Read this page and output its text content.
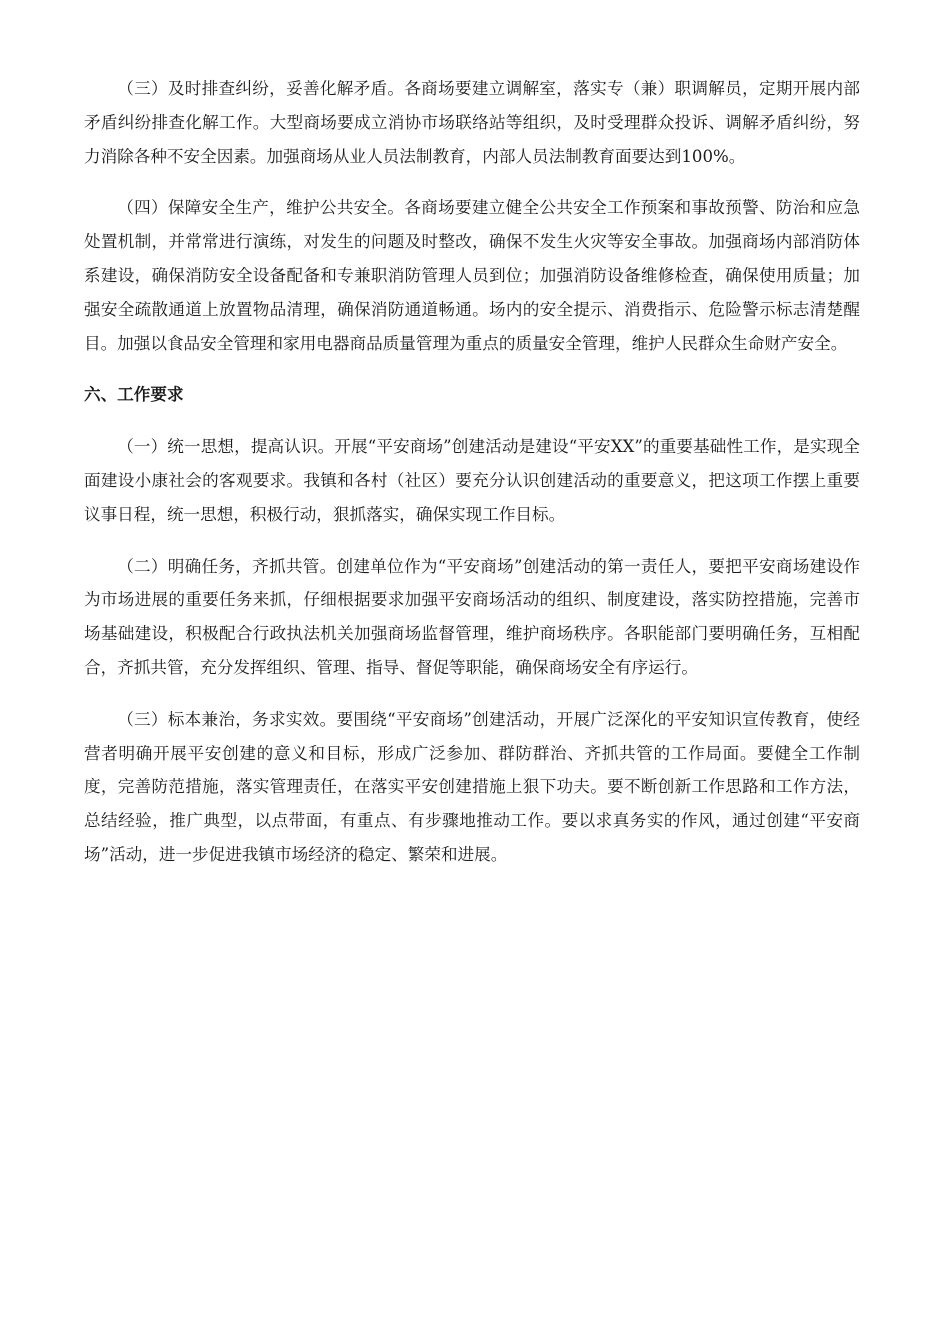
（三）及时排查纠纷，妥善化解矛盾。各商场要建立调解室，落实专（兼）职调解员，定期开展内部矛盾纠纷排查化解工作。大型商场要成立消协市场联络站等组织，及时受理群众投诉、调解矛盾纠纷，努力消除各种不安全因素。加强商场从业人员法制教育，内部人员法制教育面要达到100%。

（四）保障安全生产，维护公共安全。各商场要建立健全公共安全工作预案和事故预警、防治和应急处置机制，并常常进行演练，对发生的问题及时整改，确保不发生火灾等安全事故。加强商场内部消防体系建设，确保消防安全设备配备和专兼职消防管理人员到位；加强消防设备维修检查，确保使用质量；加强安全疏散通道上放置物品清理，确保消防通道畅通。场内的安全提示、消费指示、危险警示标志清楚醒目。加强以食品安全管理和家用电器商品质量管理为重点的质量安全管理，维护人民群众生命财产安全。

六、工作要求

（一）统一思想，提高认识。开展“平安商场”创建活动是建设“平安XX”的重要基础性工作，是实现全面建设小康社会的客观要求。我镇和各村（社区）要充分认识创建活动的重要意义，把这项工作摆上重要议事日程，统一思想，积极行动，狠抓落实，确保实现工作目标。

（二）明确任务，齐抓共管。创建单位作为“平安商场”创建活动的第一责任人，要把平安商场建设作为市场进展的重要任务来抓，仔细根据要求加强平安商场活动的组织、制度建设，落实防控措施，完善市场基础建设，积极配合行政执法机关加强商场监督管理，维护商场秩序。各职能部门要明确任务，互相配合，齐抓共管，充分发挥组织、管理、指导、督促等职能，确保商场安全有序运行。

（三）标本兼治，务求实效。要围绕“平安商场”创建活动，开展广泛深化的平安知识宣传教育，使经营者明确开展平安创建的意义和目标，形成广泛参加、群防群治、齐抓共管的工作局面。要健全工作制度，完善防范措施，落实管理责任，在落实平安创建措施上狠下功夫。要不断创新工作思路和工作方法，总结经验，推广典型，以点带面，有重点、有步骤地推动工作。要以求真务实的作风，通过创建“平安商场”活动，进一步促进我镇市场经济的稳定、繁荣和进展。
